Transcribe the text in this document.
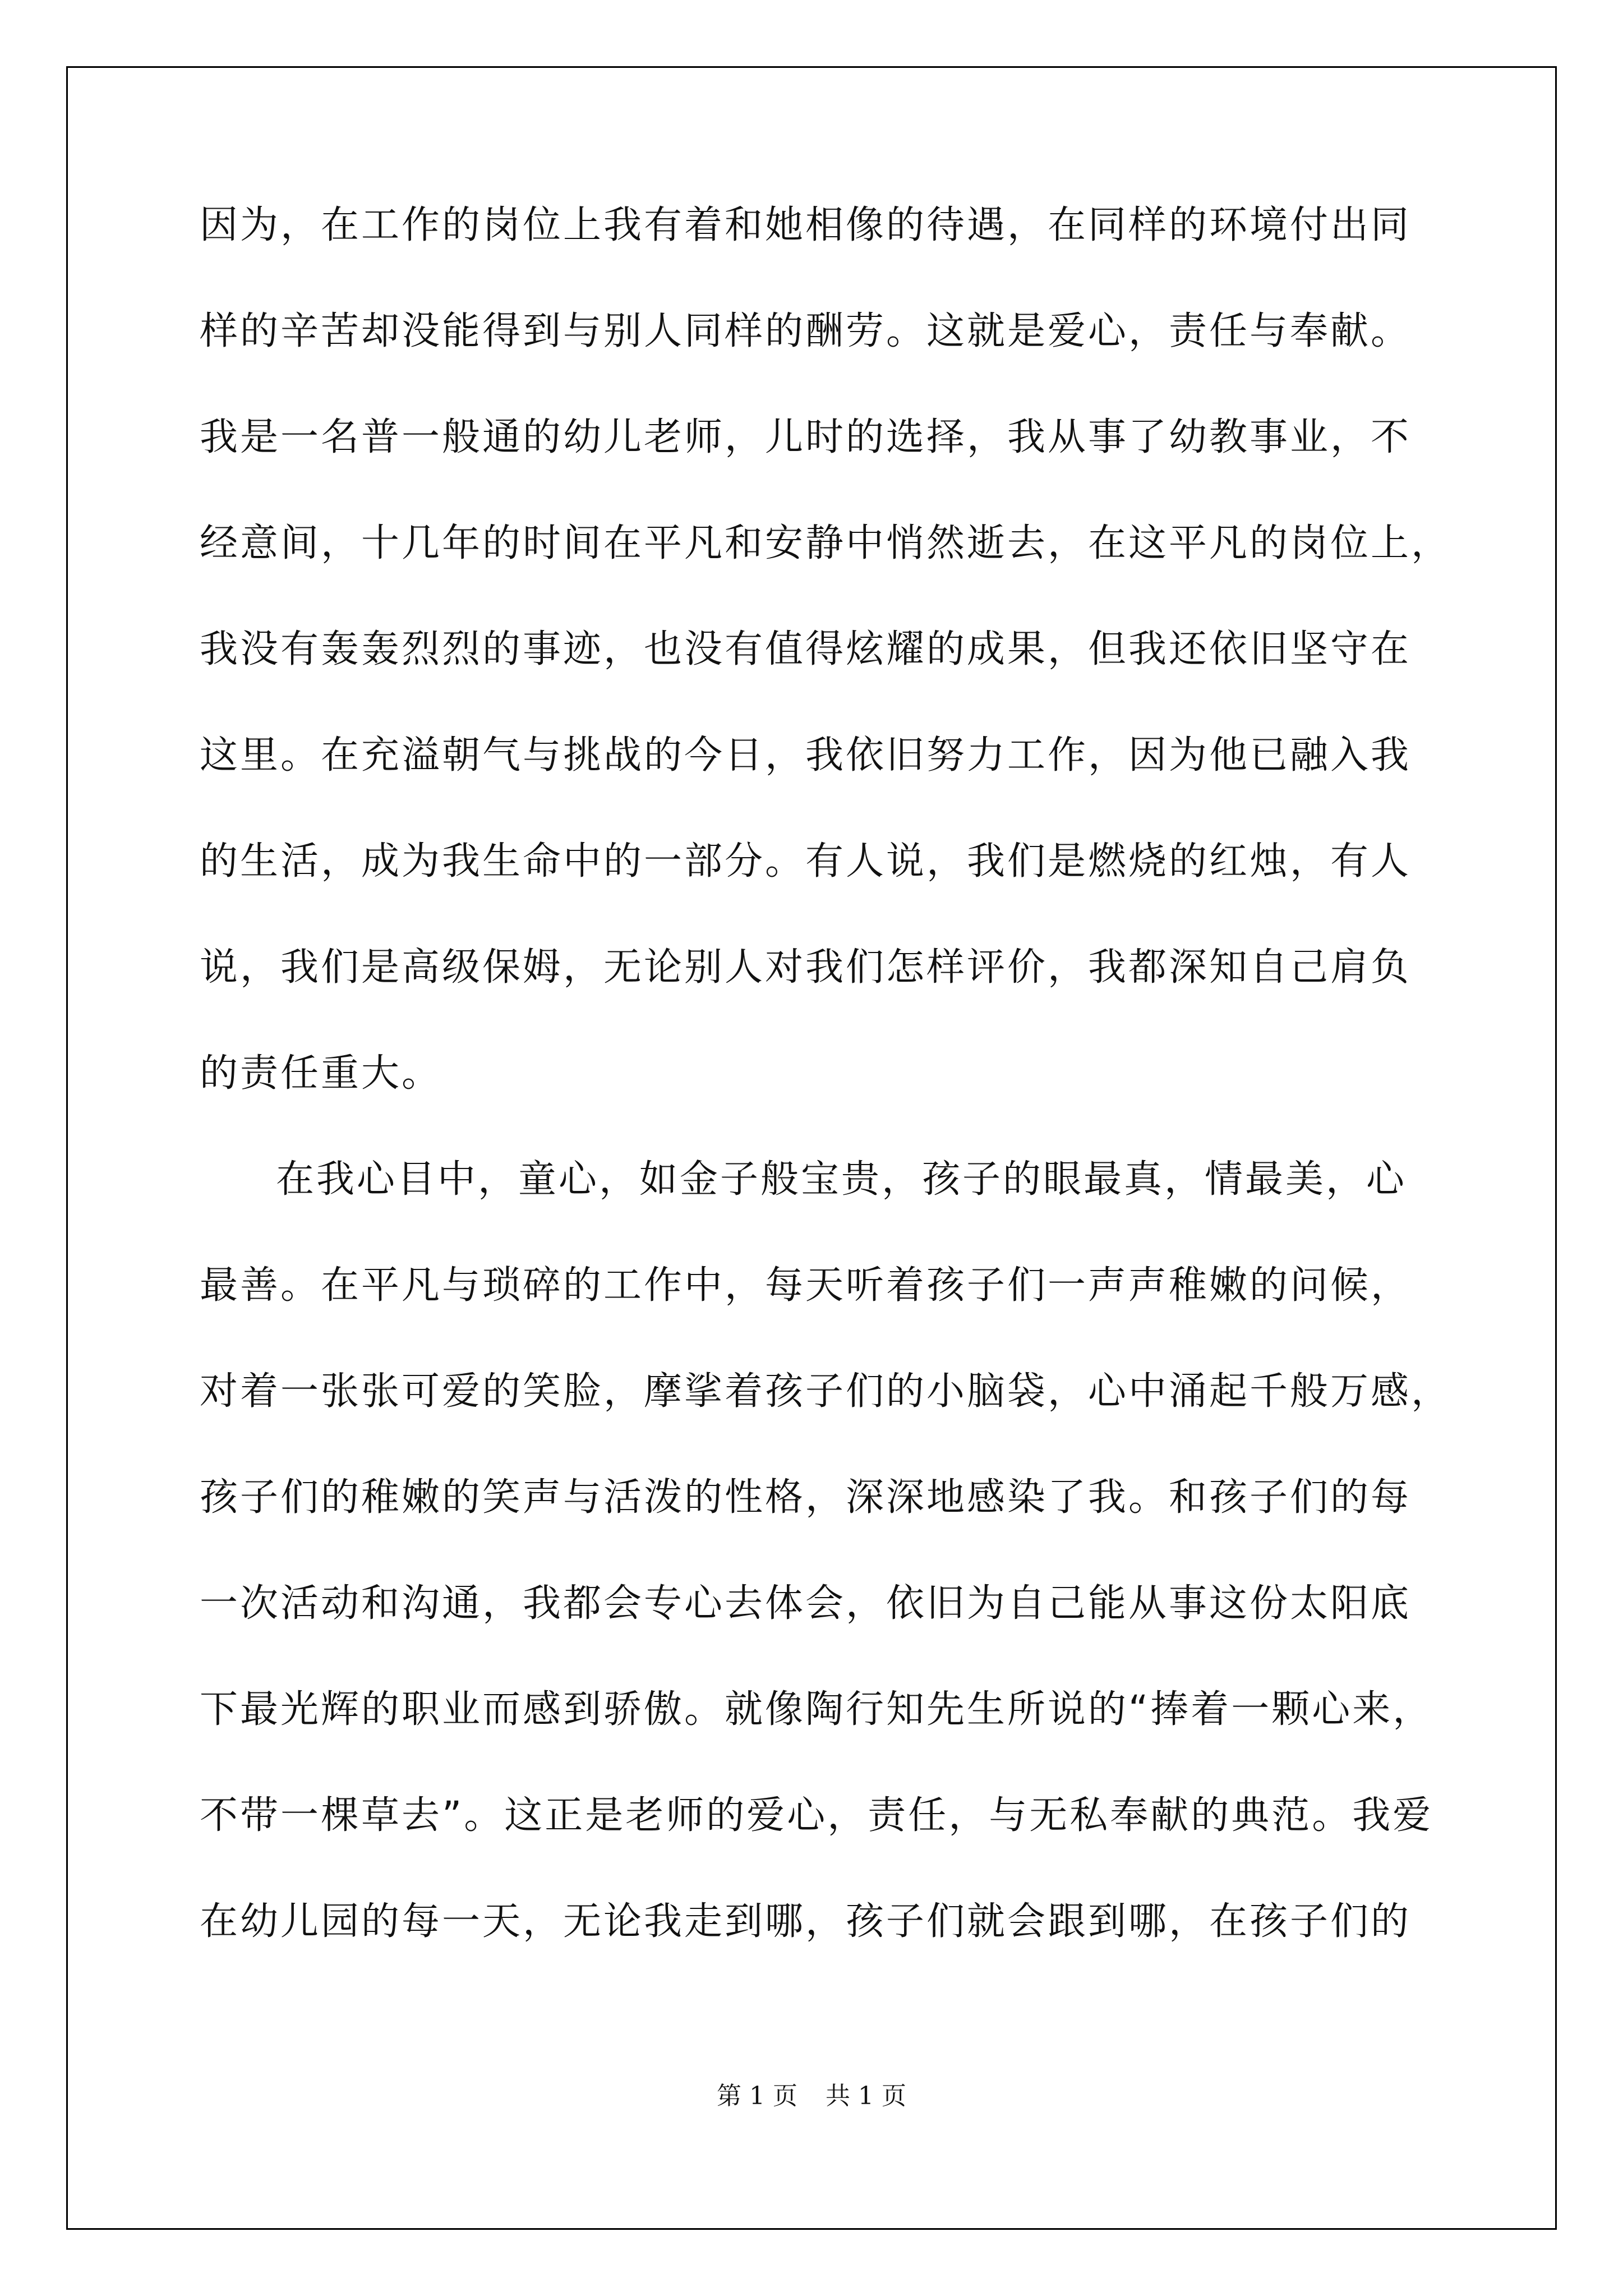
因为，在工作的岗位上我有着和她相像的待遇，在同样的环境付出同
样的辛苦却没能得到与别人同样的酬劳。这就是爱心，责任与奉献。
我是一名普一般通的幼儿老师，儿时的选择，我从事了幼教事业，不
经意间，十几年的时间在平凡和安静中悄然逝去，在这平凡的岗位上，
我没有轰轰烈烈的事迹，也没有值得炫耀的成果，但我还依旧坚守在
这里。在充溢朝气与挑战的今日，我依旧努力工作，因为他已融入我
的生活，成为我生命中的一部分。有人说，我们是燃烧的红烛，有人
说，我们是高级保姆，无论别人对我们怎样评价，我都深知自己肩负
的责任重大。
在我心目中，童心，如金子般宝贵，孩子的眼最真，情最美，心
最善。在平凡与琐碎的工作中，每天听着孩子们一声声稚嫩的问候，
对着一张张可爱的笑脸，摩挲着孩子们的小脑袋，心中涌起千般万感，
孩子们的稚嫩的笑声与活泼的性格，深深地感染了我。和孩子们的每
一次活动和沟通，我都会专心去体会，依旧为自己能从事这份太阳底
下最光辉的职业而感到骄傲。就像陶行知先生所说的“捧着一颗心来，
不带一棵草去”。这正是老师的爱心，责任，与无私奉献的典范。我爱
在幼儿园的每一天，无论我走到哪，孩子们就会跟到哪，在孩子们的
第 1 页 共 1 页
